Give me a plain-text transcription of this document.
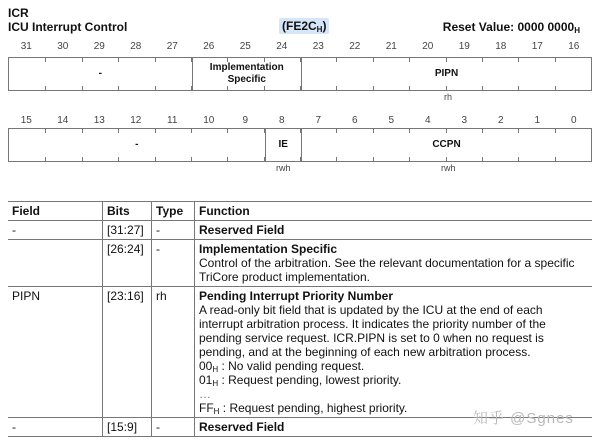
ICR
ICU Interrupt Control	$(FE2C_H)$	Reset Value: 0000 $0000_H$
31	30	29	28	27	26	25	24	23	22	21	20	19	18	17	16
-
Implementation Specific
PIPN
rh
15	14	13	12	11	10	9	8	7	6	5	4	3	2	1	0
-	IE	CCPN
rwh	rwh
Field	Bits	Type	Function
-	[31:27]	-	Reserved Field
	[26:24]	-	Implementation Specific
Control of the arbitration. See the relevant documentation for a specific TriCore product implementation.

PIPN	[23:16]	rh	Pending Interrupt Priority Number
A read-only bit field that is updated by the ICU at the end of each interrupt arbitration process. It indicates the priority number of the pending service request. ICR.PIPN is set to 0 when no request is pending, and at the beginning of each new arbitration process.
$00_H$ : No valid pending request.
$01_H$ : Request pending, lowest priority.
…
$FF_H$ : Request pending, highest priority.

-	[15:9]	-	Reserved Field	知乎 @Sgnes
